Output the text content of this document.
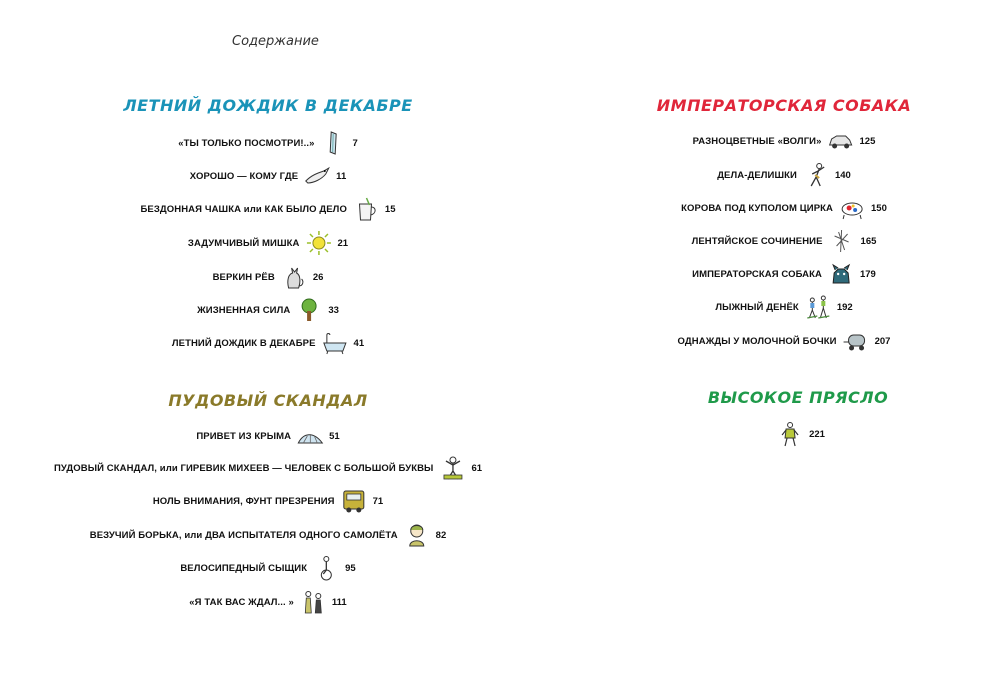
Содержание
ЛЕТНИЙ ДОЖДИК В ДЕКАБРЕ
«ТЫ ТОЛЬКО ПОСМОТРИ!..»	7
ХОРОШО — КОМУ ГДЕ	11
БЕЗДОННАЯ ЧАШКА или КАК БЫЛО ДЕЛО	15
ЗАДУМЧИВЫЙ МИШКА	21
ВЕРКИН РЁВ	26
ЖИЗНЕННАЯ СИЛА	33
ЛЕТНИЙ ДОЖДИК В ДЕКАБРЕ	41
ПУДОВЫЙ СКАНДАЛ
ПРИВЕТ ИЗ КРЫМА	51
ПУДОВЫЙ СКАНДАЛ, или ГИРЕВИК МИХЕЕВ — ЧЕЛОВЕК С БОЛЬШОЙ БУКВЫ	61
НОЛЬ ВНИМАНИЯ, ФУНТ ПРЕЗРЕНИЯ	71
ВЕЗУЧИЙ БОРЬКА, или ДВА ИСПЫТАТЕЛЯ ОДНОГО САМОЛЁТА	82
ВЕЛОСИПЕДНЫЙ СЫЩИК	95
«Я ТАК ВАС ЖДАЛ... »	111
ИМПЕРАТОРСКАЯ СОБАКА
РАЗНОЦВЕТНЫЕ «ВОЛГИ»	125
ДЕЛА-ДЕЛИШКИ	140
КОРОВА ПОД КУПОЛОМ ЦИРКА	150
ЛЕНТЯЙСКОЕ СОЧИНЕНИЕ	165
ИМПЕРАТОРСКАЯ СОБАКА	179
ЛЫЖНЫЙ ДЕНЁК	192
ОДНАЖДЫ У МОЛОЧНОЙ БОЧКИ	207
ВЫСОКОЕ ПРЯСЛО
221
